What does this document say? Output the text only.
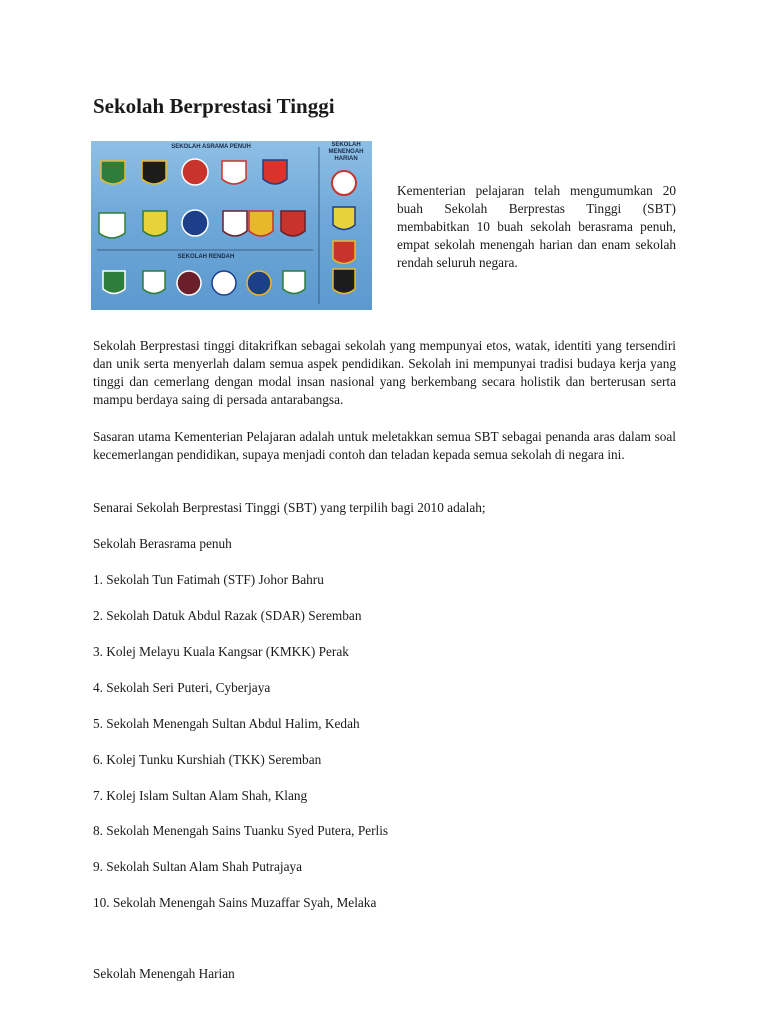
Sekolah Berprestasi Tinggi
SEKOLAH ASRAMA PENUH	SEKOLAH MENENGAH HARIAN
SEKOLAH RENDAH

Kementerian pelajaran telah mengumumkan 20 buah Sekolah Berprestas Tinggi (SBT) membabitkan 10 buah sekolah berasrama penuh, empat sekolah menengah harian dan enam sekolah rendah seluruh negara.

Sekolah Berprestasi tinggi ditakrifkan sebagai sekolah yang mempunyai etos, watak, identiti yang tersendiri dan unik serta menyerlah dalam semua aspek pendidikan. Sekolah ini mempunyai tradisi budaya kerja yang tinggi dan cemerlang dengan modal insan nasional yang berkembang secara holistik dan berterusan serta mampu berdaya saing di persada antarabangsa.

Sasaran utama Kementerian Pelajaran adalah untuk meletakkan semua SBT sebagai penanda aras dalam soal kecemerlangan pendidikan, supaya menjadi contoh dan teladan kepada semua sekolah di negara ini.

Senarai Sekolah Berprestasi Tinggi (SBT) yang terpilih bagi 2010 adalah;

Sekolah Berasrama penuh

1. Sekolah Tun Fatimah (STF) Johor Bahru

2. Sekolah Datuk Abdul Razak (SDAR) Seremban

3. Kolej Melayu Kuala Kangsar (KMKK) Perak

4. Sekolah Seri Puteri, Cyberjaya

5. Sekolah Menengah Sultan Abdul Halim, Kedah

6. Kolej Tunku Kurshiah (TKK) Seremban

7. Kolej Islam Sultan Alam Shah, Klang

8. Sekolah Menengah Sains Tuanku Syed Putera, Perlis

9. Sekolah Sultan Alam Shah Putrajaya

10. Sekolah Menengah Sains Muzaffar Syah, Melaka

Sekolah Menengah Harian
